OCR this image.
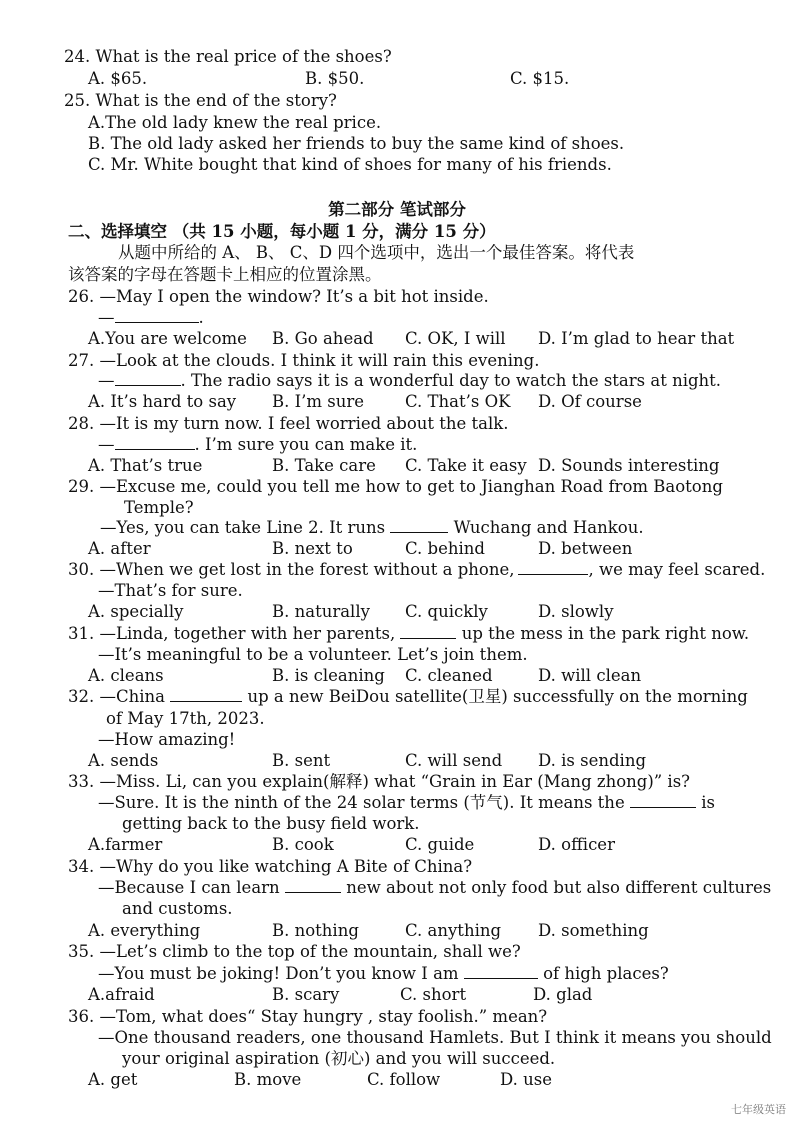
24. What is the real price of the shoes?
A. $65.	B. $50.	C. $15.
25. What is the end of the story?
A.The old lady knew the real price.
B. The old lady asked her friends to buy the same kind of shoes.
C. Mr. White bought that kind of shoes for many of his friends.
第二部分 笔试部分
二、选择填空 （共 15 小题，每小题 1 分，满分 15 分）
从题中所给的 A、 B、 C、D 四个选项中，选出一个最佳答案。将代表
该答案的字母在答题卡上相应的位置涂黑。
26. —May I open the window? It’s a bit hot inside.
—	.
A.You are welcome B. Go ahead C. OK, I will D. I’m glad to hear that
27. —Look at the clouds. I think it will rain this evening.
—	. The radio says it is a wonderful day to watch the stars at night.
A. It’s hard to say B. I’m sure C. That’s OK D. Of course
28. —It is my turn now. I feel worried about the talk.
—	. I’m sure you can make it.
A. That’s true	B. Take care C. Take it easy D. Sounds interesting
29. —Excuse me, could you tell me how to get to Jianghan Road from Baotong
Temple?
—Yes, you can take Line 2. It runs	Wuchang and Hankou.
A. after	B. next to	C. behind	D. between
30. —When we get lost in the forest without a phone,	, we may feel scared.
—That’s for sure.
A. specially	B. naturally C. quickly	D. slowly
31. —Linda, together with her parents,	up the mess in the park right now.
—It’s meaningful to be a volunteer. Let’s join them.
A. cleans	B. is cleaning C. cleaned	D. will clean
32. —China	up a new BeiDou satellite(卫星) successfully on the morning
of May 17th, 2023.
—How amazing!
A. sends	B. sent	C. will send D. is sending
33. —Miss. Li, can you explain(解释) what “Grain in Ear (Mang zhong)” is?
—Sure. It is the ninth of the 24 solar terms (节气). It means the	is
getting back to the busy field work.
A.farmer	B. cook	C. guide	D. officer
34. —Why do you like watching A Bite of China?
—Because I can learn	new about not only food but also different cultures
and customs.
A. everything	B. nothing	C. anything D. something
35. —Let’s climb to the top of the mountain, shall we?
—You must be joking! Don’t you know I am	of high places?
A.afraid	B. scary	C. short	D. glad
36. —Tom, what does“ Stay hungry , stay foolish.” mean?
—One thousand readers, one thousand Hamlets. But I think it means you should
your original aspiration (初心) and you will succeed.
A. get	B. move	C. follow	D. use
七年级英语
